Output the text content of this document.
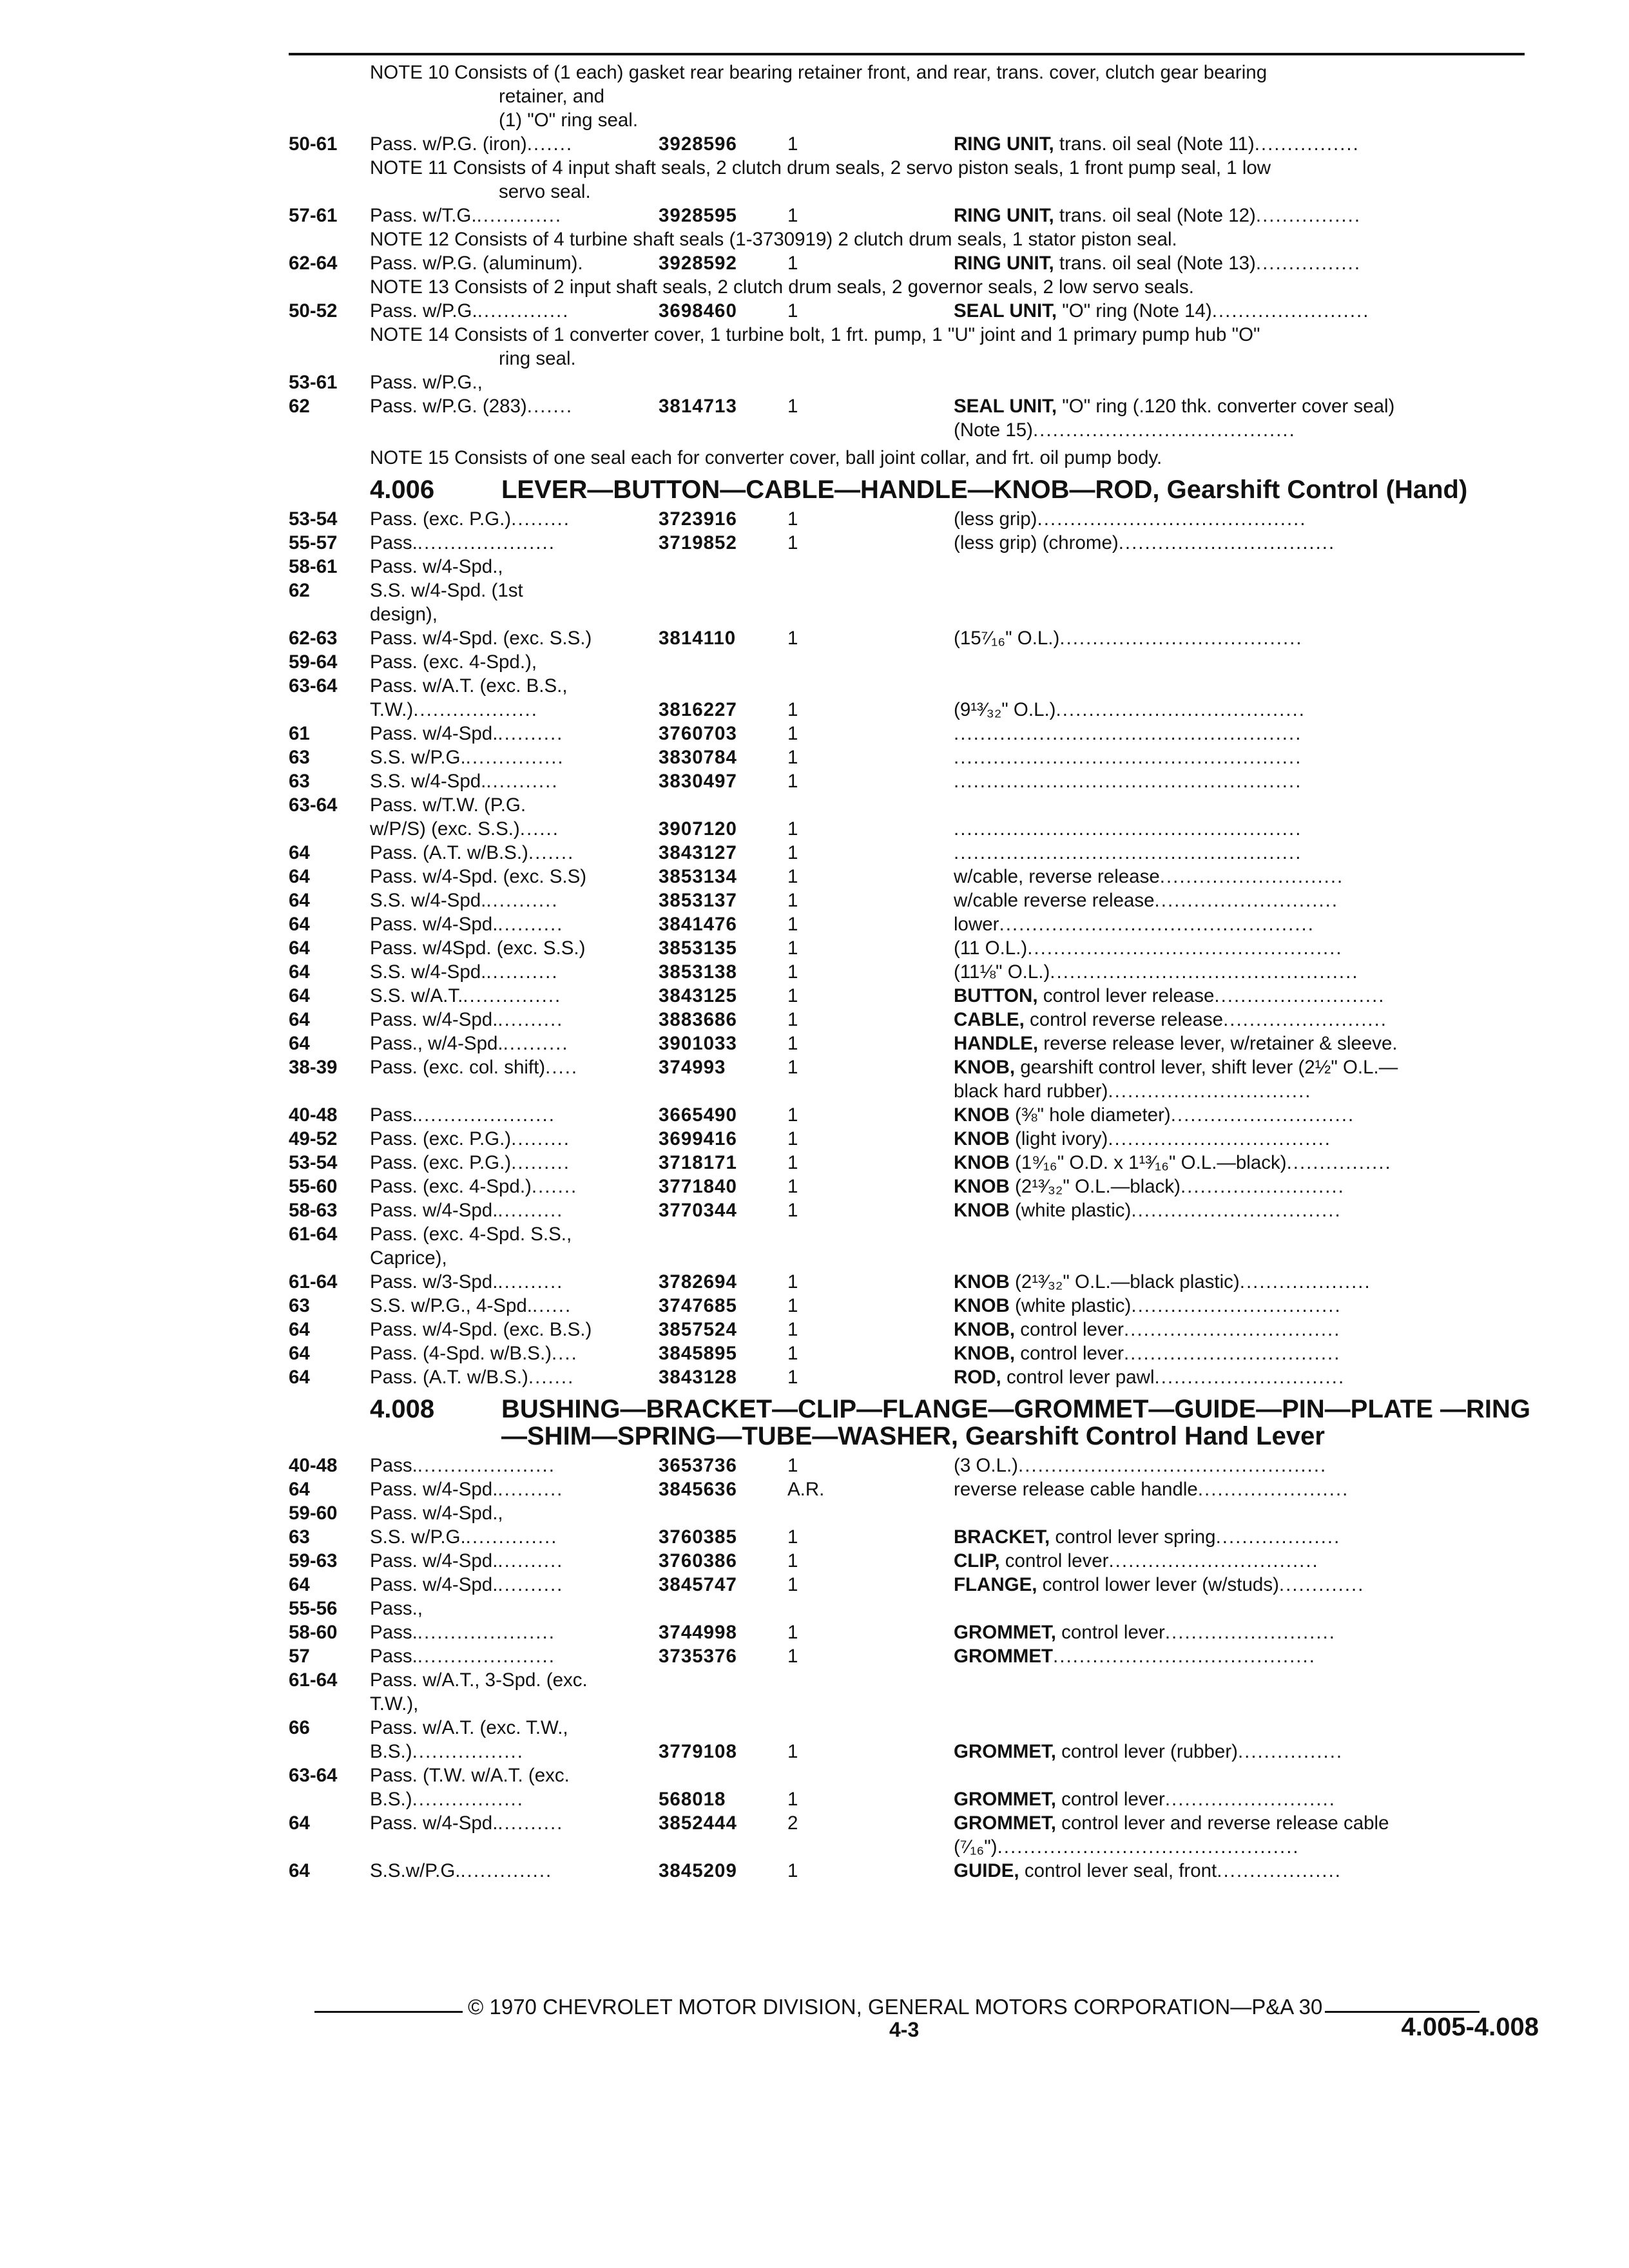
NOTE 10 Consists of (1 each) gasket rear bearing retainer front, and rear, trans. cover, clutch gear bearing
retainer, and
(1) "O" ring seal.
50-61	Pass. w/P.G. (iron).......	3928596	1	RING UNIT, trans. oil seal (Note 11)................
NOTE 11 Consists of 4 input shaft seals, 2 clutch drum seals, 2 servo piston seals, 1 front pump seal, 1 low
servo seal.
57-61	Pass. w/T.G..............	3928595	1	RING UNIT, trans. oil seal (Note 12)................
NOTE 12 Consists of 4 turbine shaft seals (1-3730919) 2 clutch drum seals, 1 stator piston seal.
62-64	Pass. w/P.G. (aluminum).	3928592	1	RING UNIT, trans. oil seal (Note 13)................
NOTE 13 Consists of 2 input shaft seals, 2 clutch drum seals, 2 governor seals, 2 low servo seals.
50-52	Pass. w/P.G...............	3698460	1	SEAL UNIT, "O" ring (Note 14)........................
NOTE 14 Consists of 1 converter cover, 1 turbine bolt, 1 frt. pump, 1 "U" joint and 1 primary pump hub "O"
ring seal.
53-61	Pass. w/P.G.,
62	Pass. w/P.G. (283).......	3814713	1	SEAL UNIT, "O" ring (.120 thk. converter cover seal)
(Note 15)........................................
NOTE 15 Consists of one seal each for converter cover, ball joint collar, and frt. oil pump body.
4.006	LEVER—BUTTON—CABLE—HANDLE—KNOB—ROD, Gearshift Control (Hand)
53-54	Pass. (exc. P.G.).........	3723916	1	(less grip).........................................
55-57	Pass......................	3719852	1	(less grip) (chrome).................................
58-61	Pass. w/4-Spd.,
62	S.S. w/4-Spd. (1st
design),
62-63	Pass. w/4-Spd. (exc. S.S.)	3814110	1	(15⁷⁄₁₆" O.L.).....................................
59-64	Pass. (exc. 4-Spd.),
63-64	Pass. w/A.T. (exc. B.S.,
T.W.)...................	3816227	1	(9¹³⁄₃₂" O.L.)......................................
61	Pass. w/4-Spd...........	3760703	1	.....................................................
63	S.S. w/P.G................	3830784	1	.....................................................
63	S.S. w/4-Spd............	3830497	1	.....................................................
63-64	Pass. w/T.W. (P.G.
w/P/S) (exc. S.S.)......	3907120	1	.....................................................
64	Pass. (A.T. w/B.S.).......	3843127	1	.....................................................
64	Pass. w/4-Spd. (exc. S.S)	3853134	1	w/cable, reverse release............................
64	S.S. w/4-Spd............	3853137	1	w/cable reverse release............................
64	Pass. w/4-Spd...........	3841476	1	lower................................................
64	Pass. w/4Spd. (exc. S.S.)	3853135	1	(11 O.L.)................................................
64	S.S. w/4-Spd............	3853138	1	(11⅛" O.L.)...............................................
64	S.S. w/A.T................	3843125	1	BUTTON, control lever release..........................
64	Pass. w/4-Spd...........	3883686	1	CABLE, control reverse release.........................
64	Pass., w/4-Spd...........	3901033	1	HANDLE, reverse release lever, w/retainer & sleeve.
38-39	Pass. (exc. col. shift).....	374993	1	KNOB, gearshift control lever, shift lever (2½" O.L.—
black hard rubber)...............................
40-48	Pass......................	3665490	1	KNOB (⅜" hole diameter)............................
49-52	Pass. (exc. P.G.).........	3699416	1	KNOB (light ivory)..................................
53-54	Pass. (exc. P.G.).........	3718171	1	KNOB (1⁹⁄₁₆" O.D. x 1¹³⁄₁₆" O.L.—black)................
55-60	Pass. (exc. 4-Spd.).......	3771840	1	KNOB (2¹³⁄₃₂" O.L.—black).........................
58-63	Pass. w/4-Spd...........	3770344	1	KNOB (white plastic)................................
61-64	Pass. (exc. 4-Spd. S.S.,
Caprice),
61-64	Pass. w/3-Spd...........	3782694	1	KNOB (2¹³⁄₃₂" O.L.—black plastic)....................
63	S.S. w/P.G., 4-Spd.......	3747685	1	KNOB (white plastic)................................
64	Pass. w/4-Spd. (exc. B.S.)	3857524	1	KNOB, control lever.................................
64	Pass. (4-Spd. w/B.S.)....	3845895	1	KNOB, control lever.................................
64	Pass. (A.T. w/B.S.).......	3843128	1	ROD, control lever pawl.............................
4.008	BUSHING—BRACKET—CLIP—FLANGE—GROMMET—GUIDE—PIN—PLATE —RING—SHIM—SPRING—TUBE—WASHER, Gearshift Control Hand Lever
40-48	Pass......................	3653736	1	(3 O.L.)...............................................
64	Pass. w/4-Spd...........	3845636	A.R.	reverse release cable handle.......................
59-60	Pass. w/4-Spd.,
63	S.S. w/P.G...............	3760385	1	BRACKET, control lever spring...................
59-63	Pass. w/4-Spd...........	3760386	1	CLIP, control lever................................
64	Pass. w/4-Spd...........	3845747	1	FLANGE, control lower lever (w/studs).............
55-56	Pass.,
58-60	Pass......................	3744998	1	GROMMET, control lever..........................
57	Pass......................	3735376	1	GROMMET........................................
61-64	Pass. w/A.T., 3-Spd. (exc.
T.W.),
66	Pass. w/A.T. (exc. T.W.,
B.S.).................	3779108	1	GROMMET, control lever (rubber)................
63-64	Pass. (T.W. w/A.T. (exc.
B.S.).................	568018	1	GROMMET, control lever..........................
64	Pass. w/4-Spd...........	3852444	2	GROMMET, control lever and reverse release cable
(⁷⁄₁₆")..............................................
64	S.S.w/P.G...............	3845209	1	GUIDE, control lever seal, front...................
© 1970 CHEVROLET MOTOR DIVISION, GENERAL MOTORS CORPORATION—P&A 30
4-3	4.005-4.008
